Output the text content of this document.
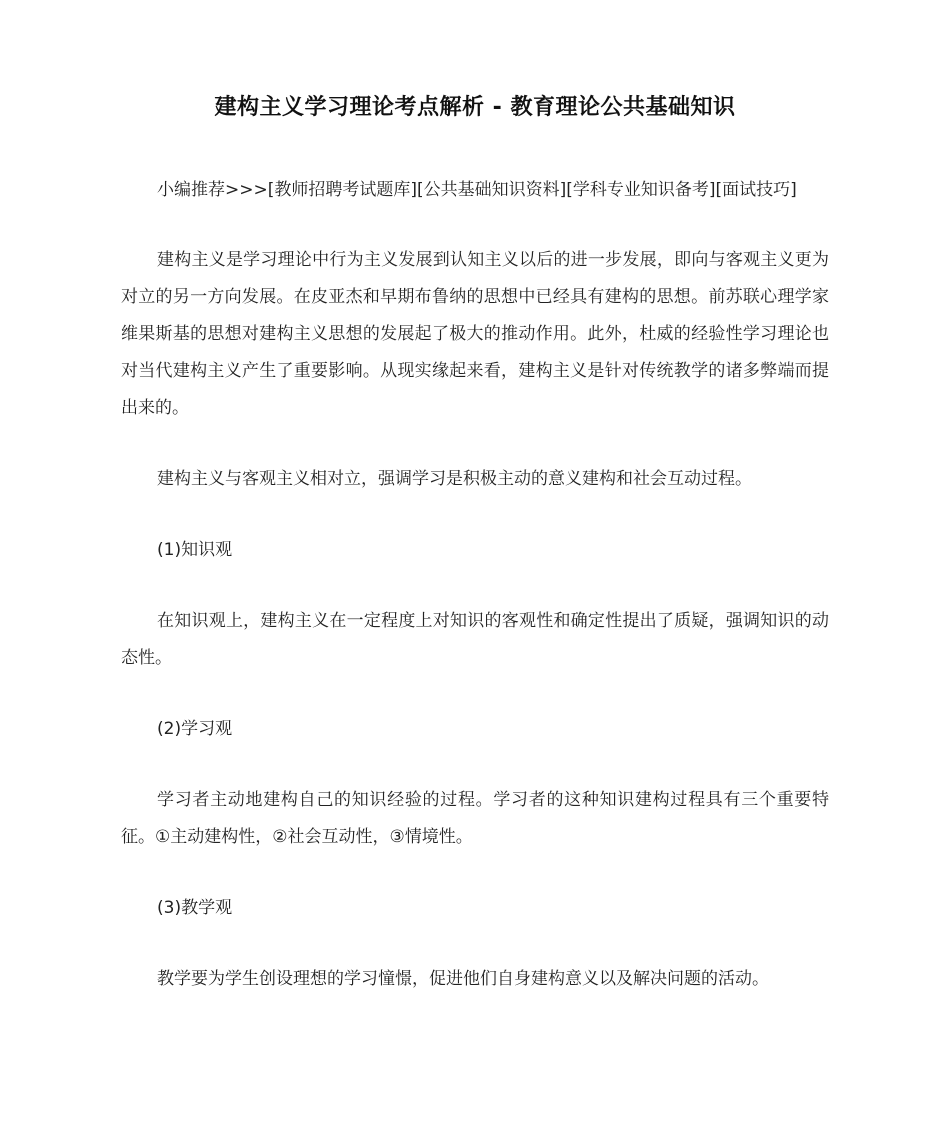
建构主义学习理论考点解析 - 教育理论公共基础知识

小编推荐>>>[教师招聘考试题库][公共基础知识资料][学科专业知识备考][面试技巧]

建构主义是学习理论中行为主义发展到认知主义以后的进一步发展，即向与客观主义更为对立的另一方向发展。在皮亚杰和早期布鲁纳的思想中已经具有建构的思想。前苏联心理学家维果斯基的思想对建构主义思想的发展起了极大的推动作用。此外，杜威的经验性学习理论也对当代建构主义产生了重要影响。从现实缘起来看，建构主义是针对传统教学的诸多弊端而提出来的。

建构主义与客观主义相对立，强调学习是积极主动的意义建构和社会互动过程。

(1)知识观

在知识观上，建构主义在一定程度上对知识的客观性和确定性提出了质疑，强调知识的动态性。

(2)学习观

学习者主动地建构自己的知识经验的过程。学习者的这种知识建构过程具有三个重要特征。①主动建构性，②社会互动性，③情境性。

(3)教学观

教学要为学生创设理想的学习憧憬，促进他们自身建构意义以及解决问题的活动。
